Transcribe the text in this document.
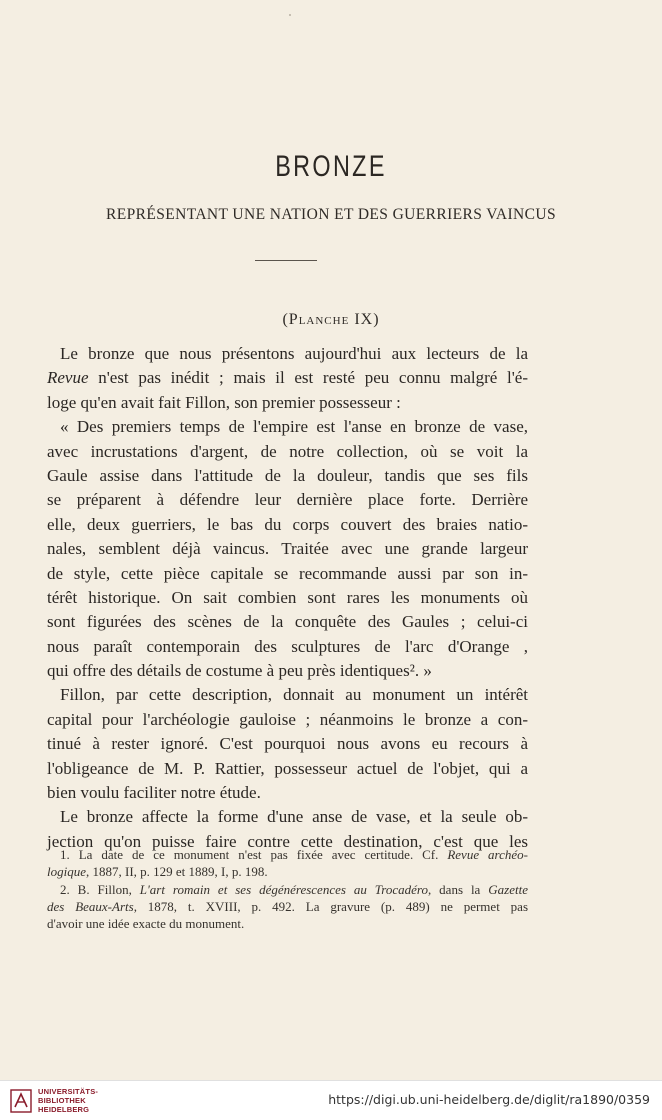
BRONZE
REPRÉSENTANT UNE NATION ET DES GUERRIERS VAINCUS
(Planche IX)
Le bronze que nous présentons aujourd'hui aux lecteurs de la
Revue n'est pas inédit ; mais il est resté peu connu malgré l'é-
loge qu'en avait fait Fillon, son premier possesseur :
« Des premiers temps de l'empire est l'anse en bronze de vase,
avec incrustations d'argent, de notre collection, où se voit la
Gaule assise dans l'attitude de la douleur, tandis que ses fils
se préparent à défendre leur dernière place forte. Derrière
elle, deux guerriers, le bas du corps couvert des braies natio-
nales, semblent déjà vaincus. Traitée avec une grande largeur
de style, cette pièce capitale se recommande aussi par son in-
térêt historique. On sait combien sont rares les monuments où
sont figurées des scènes de la conquête des Gaules ; celui-ci
nous paraît contemporain des sculptures de l'arc d'Orange ,
qui offre des détails de costume à peu près identiques². »
Fillon, par cette description, donnait au monument un intérêt
capital pour l'archéologie gauloise ; néanmoins le bronze a con-
tinué à rester ignoré. C'est pourquoi nous avons eu recours à
l'obligeance de M. P. Rattier, possesseur actuel de l'objet, qui a
bien voulu faciliter notre étude.
Le bronze affecte la forme d'une anse de vase, et la seule ob-
jection qu'on puisse faire contre cette destination, c'est que les
1. La date de ce monument n'est pas fixée avec certitude. Cf. Revue archéo-
logique, 1887, II, p. 129 et 1889, I, p. 198.
2. B. Fillon, L'art romain et ses dégénérescences au Trocadéro, dans la Gazette
des Beaux-Arts, 1878, t. XVIII, p. 492. La gravure (p. 489) ne permet pas
d'avoir une idée exacte du monument.
UNIVERSITÄTS-
BIBLIOTHEK
HEIDELBERG
https://digi.ub.uni-heidelberg.de/diglit/ra1890/0359
